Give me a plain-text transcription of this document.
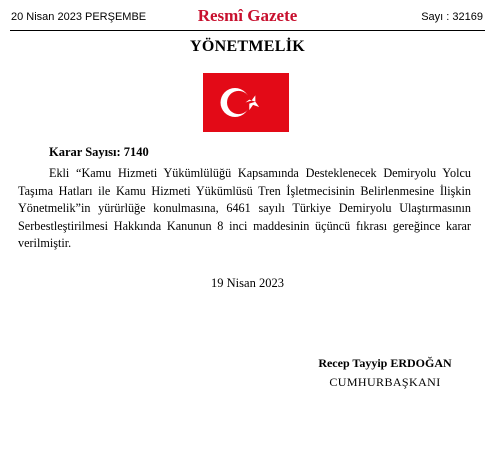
20 Nisan 2023 PERŞEMBE	Resmî Gazete	Sayı : 32169
YÖNETMELİK
Karar Sayısı: 7140

Ekli “Kamu Hizmeti Yükümlülüğü Kapsamında Desteklenecek Demiryolu Yolcu Taşıma Hatları ile Kamu Hizmeti Yükümlüsü Tren İşletmecisinin Belirlenmesine İlişkin Yönetmelik”in yürürlüğe konulmasına, 6461 sayılı Türkiye Demiryolu Ulaştırmasının Serbestleştirilmesi Hakkında Kanunun 8 inci maddesinin üçüncü fıkrası gereğince karar verilmiştir.

19 Nisan 2023
Recep Tayyip ERDOĞAN
CUMHURBAŞKANI
